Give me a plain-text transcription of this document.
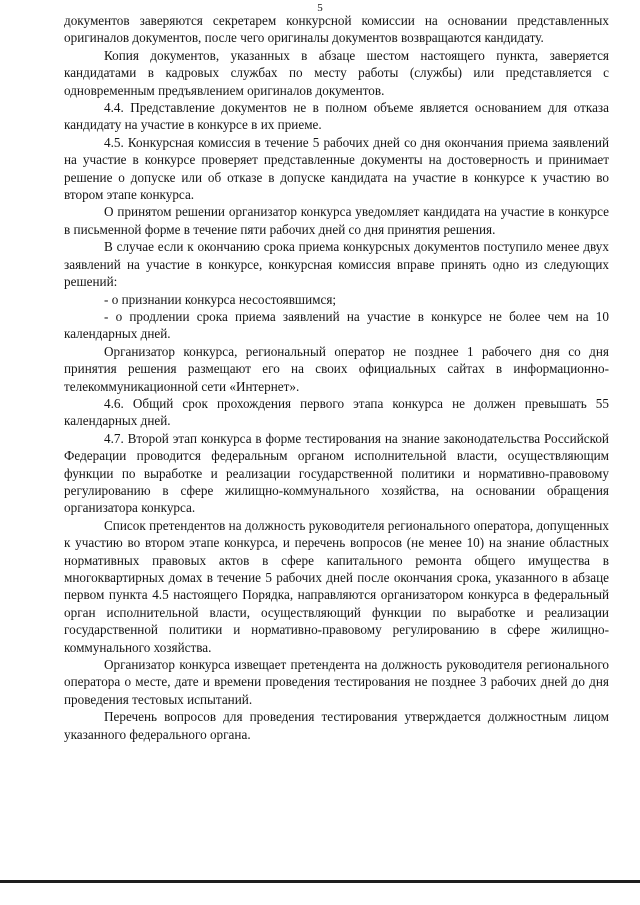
5

документов заверяются секретарем конкурсной комиссии на основании представленных оригиналов документов, после чего оригиналы документов возвращаются кандидату.

Копия документов, указанных в абзаце шестом настоящего пункта, заверяется кандидатами в кадровых службах по месту работы (службы) или представляется с одновременным предъявлением оригиналов документов.

4.4. Представление документов не в полном объеме является основанием для отказа кандидату на участие в конкурсе в их приеме.

4.5. Конкурсная комиссия в течение 5 рабочих дней со дня окончания приема заявлений на участие в конкурсе проверяет представленные документы на достоверность и принимает решение о допуске или об отказе в допуске кандидата на участие в конкурсе к участию во втором этапе конкурса.

О принятом решении организатор конкурса уведомляет кандидата на участие в конкурсе в письменной форме в течение пяти рабочих дней со дня принятия решения.

В случае если к окончанию срока приема конкурсных документов поступило менее двух заявлений на участие в конкурсе, конкурсная комиссия вправе принять одно из следующих решений:

- о признании конкурса несостоявшимся;

- о продлении срока приема заявлений на участие в конкурсе не более чем на 10 календарных дней.

Организатор конкурса, региональный оператор не позднее 1 рабочего дня со дня принятия решения размещают его на своих официальных сайтах в информационно-телекоммуникационной сети «Интернет».

4.6. Общий срок прохождения первого этапа конкурса не должен превышать 55 календарных дней.

4.7. Второй этап конкурса в форме тестирования на знание законодательства Российской Федерации проводится федеральным органом исполнительной власти, осуществляющим функции по выработке и реализации государственной политики и нормативно-правовому регулированию в сфере жилищно-коммунального хозяйства, на основании обращения организатора конкурса.

Список претендентов на должность руководителя регионального оператора, допущенных к участию во втором этапе конкурса, и перечень вопросов (не менее 10) на знание областных нормативных правовых актов в сфере капитального ремонта общего имущества в многоквартирных домах в течение 5 рабочих дней после окончания срока, указанного в абзаце первом пункта 4.5 настоящего Порядка, направляются организатором конкурса в федеральный орган исполнительной власти, осуществляющий функции по выработке и реализации государственной политики и нормативно-правовому регулированию в сфере жилищно-коммунального хозяйства.

Организатор конкурса извещает претендента на должность руководителя регионального оператора о месте, дате и времени проведения тестирования не позднее 3 рабочих дней до дня проведения тестовых испытаний.

Перечень вопросов для проведения тестирования утверждается должностным лицом указанного федерального органа.
